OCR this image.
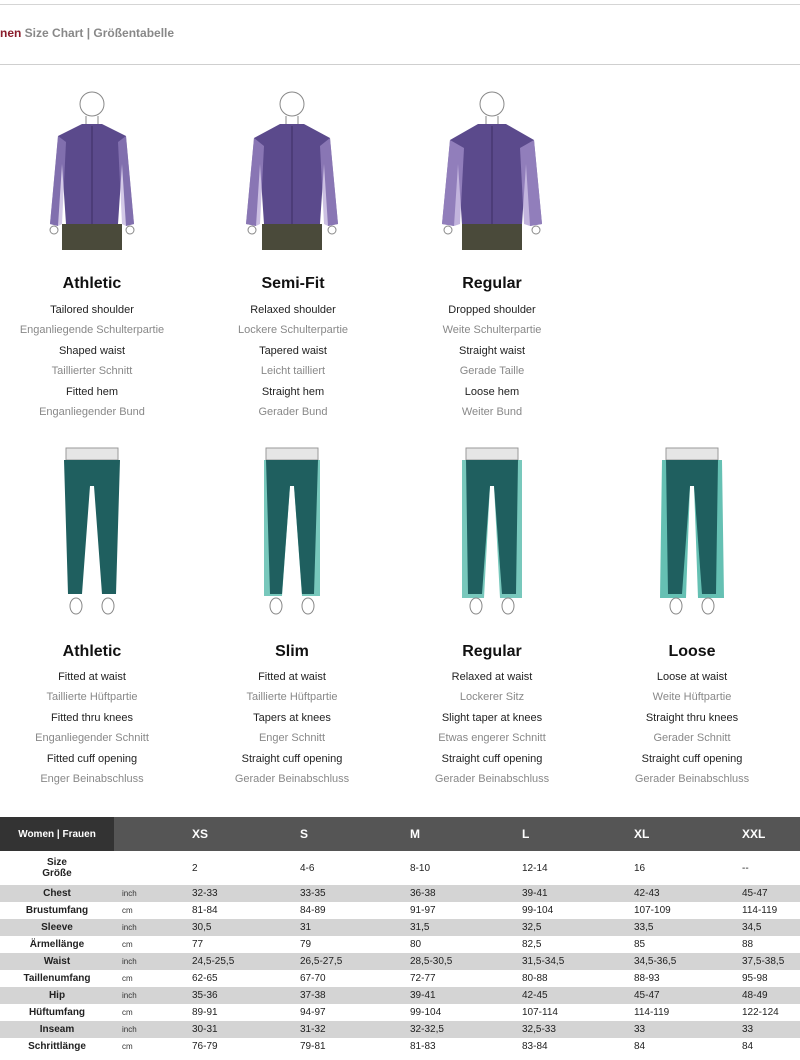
nen Size Chart | Größentabelle
Athletic
Tailored shoulder
Enganliegende Schulterpartie
Shaped waist
Taillierter Schnitt
Fitted hem
Enganliegender Bund
Semi-Fit
Relaxed shoulder
Lockere Schulterpartie
Tapered waist
Leicht tailliert
Straight hem
Gerader Bund
Regular
Dropped shoulder
Weite Schulterpartie
Straight waist
Gerade Taille
Loose hem
Weiter Bund
Athletic
Fitted at waist
Taillierte Hüftpartie
Fitted thru knees
Enganliegender Schnitt
Fitted cuff opening
Enger Beinabschluss
Slim
Fitted at waist
Taillierte Hüftpartie
Tapers at knees
Enger Schnitt
Straight cuff opening
Gerader Beinabschluss
Regular
Relaxed at waist
Lockerer Sitz
Slight taper at knees
Etwas engerer Schnitt
Straight cuff opening
Gerader Beinabschluss
Loose
Loose at waist
Weite Hüftpartie
Straight thru knees
Gerader Schnitt
Straight cuff opening
Gerader Beinabschluss
Women | Frauen		XS	S	M	L	XL	XXL
Size
Größe		2	4-6	8-10	12-14	16	--
Chest	inch	32-33	33-35	36-38	39-41	42-43	45-47
Brustumfang	cm	81-84	84-89	91-97	99-104	107-109	114-119
Sleeve	inch	30,5	31	31,5	32,5	33,5	34,5
Ärmellänge	cm	77	79	80	82,5	85	88
Waist	inch	24,5-25,5	26,5-27,5	28,5-30,5	31,5-34,5	34,5-36,5	37,5-38,5
Taillenumfang	cm	62-65	67-70	72-77	80-88	88-93	95-98
Hip	inch	35-36	37-38	39-41	42-45	45-47	48-49
Hüftumfang	cm	89-91	94-97	99-104	107-114	114-119	122-124
Inseam	inch	30-31	31-32	32-32,5	32,5-33	33	33
Schrittlänge	cm	76-79	79-81	81-83	83-84	84	84
